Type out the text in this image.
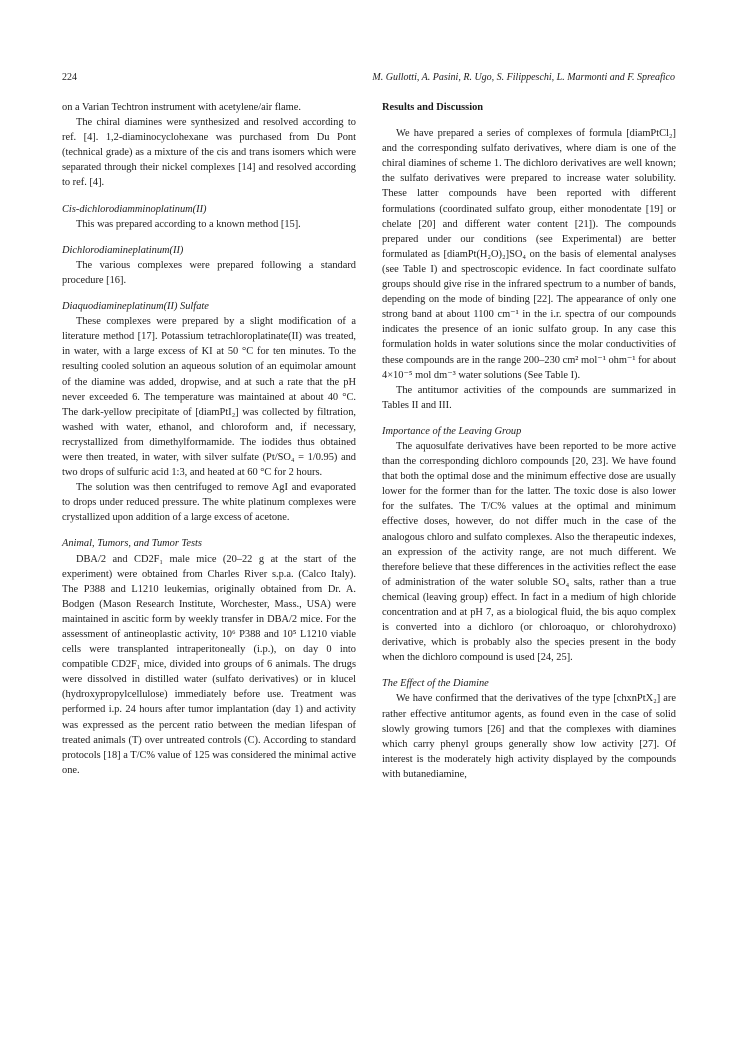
224	M. Gullotti, A. Pasini, R. Ugo, S. Filippeschi, L. Marmonti and F. Spreafico

on a Varian Techtron instrument with acetylene/air flame.

The chiral diamines were synthesized and resolved according to ref. [4]. 1,2-diaminocyclohexane was purchased from Du Pont (technical grade) as a mixture of the cis and trans isomers which were separated through their nickel complexes [14] and resolved according to ref. [4].

Cis-dichlorodiamminoplatinum(II)

This was prepared according to a known method [15].

Dichlorodiamineplatinum(II)

The various complexes were prepared following a standard procedure [16].

Diaquodiamineplatinum(II) Sulfate

These complexes were prepared by a slight modification of a literature method [17]. Potassium tetrachloroplatinate(II) was treated, in water, with a large excess of KI at 50 °C for ten minutes. To the resulting cooled solution an aqueous solution of an equimolar amount of the diamine was added, dropwise, and at such a rate that the pH never exceeded 6. The temperature was maintained at about 40 °C. The dark-yellow precipitate of [diamPtI₂] was collected by filtration, washed with water, ethanol, and chloroform and, if necessary, recrystallized from dimethylformamide. The iodides thus obtained were then treated, in water, with silver sulfate (Pt/SO₄ = 1/0.95) and two drops of sulfuric acid 1:3, and heated at 60 °C for 2 hours.

The solution was then centrifuged to remove AgI and evaporated to drops under reduced pressure. The white platinum complexes were crystallized upon addition of a large excess of acetone.

Animal, Tumors, and Tumor Tests

DBA/2 and CD2F₁ male mice (20–22 g at the start of the experiment) were obtained from Charles River s.p.a. (Calco Italy). The P388 and L1210 leukemias, originally obtained from Dr. A. Bodgen (Mason Research Institute, Worchester, Mass., USA) were maintained in ascitic form by weekly transfer in DBA/2 mice. For the assessment of antineoplastic activity, 10⁶ P388 and 10⁵ L1210 viable cells were transplanted intraperitoneally (i.p.), on day 0 into compatible CD2F₁ mice, divided into groups of 6 animals. The drugs were dissolved in distilled water (sulfato derivatives) or in klucel (hydroxypropylcellulose) immediately before use. Treatment was performed i.p. 24 hours after tumor implantation (day 1) and activity was expressed as the percent ratio between the median lifespan of treated animals (T) over untreated controls (C). According to standard protocols [18] a T/C% value of 125 was considered the minimal active one.

Results and Discussion

We have prepared a series of complexes of formula [diamPtCl₂] and the corresponding sulfato derivatives, where diam is one of the chiral diamines of scheme 1. The dichloro derivatives are well known; the sulfato derivatives were prepared to increase water solubility. These latter compounds have been reported with different formulations (coordinated sulfato group, either monodentate [19] or chelate [20] and different water content [21]). The compounds prepared under our conditions (see Experimental) are better formulated as [diamPt(H₂O)₂]SO₄ on the basis of elemental analyses (see Table I) and spectroscopic evidence. In fact coordinate sulfato groups should give rise in the infrared spectrum to a number of bands, depending on the mode of binding [22]. The appearance of only one strong band at about 1100 cm⁻¹ in the i.r. spectra of our compounds indicates the presence of an ionic sulfato group. In any case this formulation holds in water solutions since the molar conductivities of these compounds are in the range 200–230 cm² mol⁻¹ ohm⁻¹ for about 4×10⁻⁵ mol dm⁻³ water solutions (See Table I).

The antitumor activities of the compounds are summarized in Tables II and III.

Importance of the Leaving Group

The aquosulfate derivatives have been reported to be more active than the corresponding dichloro compounds [20, 23]. We have found that both the optimal dose and the minimum effective dose are usually lower for the former than for the latter. The toxic dose is also lower for the sulfates. The T/C% values at the optimal and minimum effective doses, however, do not differ much in the case of the analogous chloro and sulfato complexes. Also the therapeutic indexes, an expression of the activity range, are not much different. We therefore believe that these differences in the activities reflect the ease of administration of the water soluble SO₄ salts, rather than a true chemical (leaving group) effect. In fact in a medium of high chloride concentration and at pH 7, as a biological fluid, the bis aquo complex is converted into a dichloro (or chloroaquo, or chlorohydroxo) derivative, which is probably also the species present in the body when the dichloro compound is used [24, 25].

The Effect of the Diamine

We have confirmed that the derivatives of the type [chxnPtX₂] are rather effective antitumor agents, as found even in the case of solid slowly growing tumors [26] and that the complexes with diamines which carry phenyl groups generally show low activity [27]. Of interest is the moderately high activity displayed by the compounds with butanediamine,
